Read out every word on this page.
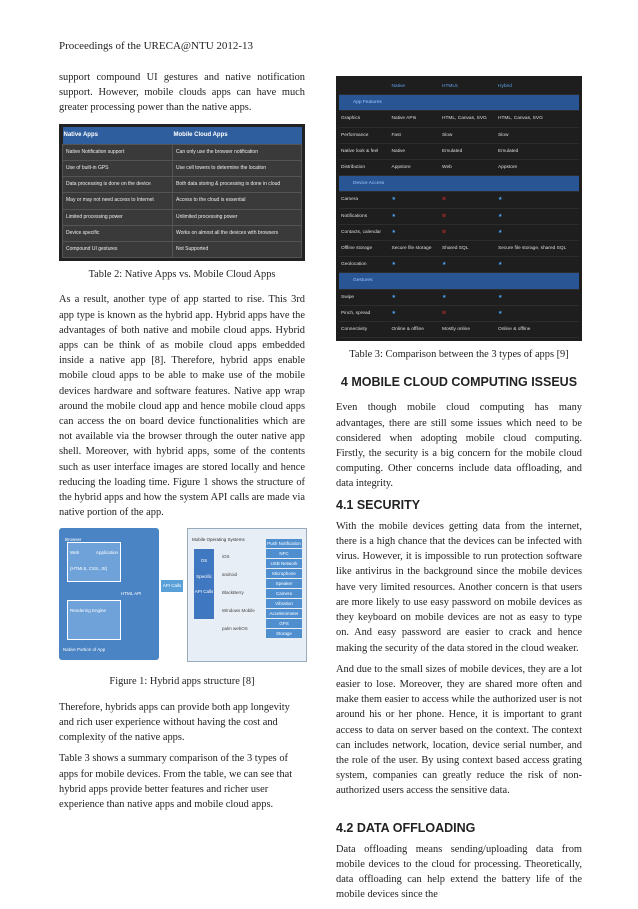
Proceedings of the URECA@NTU 2012-13

support compound UI gestures and native notification support. However, mobile clouds apps can have much greater processing power than the native apps.

Native Apps	Mobile Cloud Apps
Native Notification support	Can only use the browser notification
Use of built-in GPS	Use cell towers to determine the location
Data processing is done on the device	Both data storing & processing is done in cloud
May or may not need access to Internet	Access to the cloud is essential
Limited processing power	Unlimited processing power
Device specific	Works on almost all the devices with browsers
Compound UI gestures	Not Supported
Table 2: Native Apps vs. Mobile Cloud Apps

As a result, another type of app started to rise. This 3rd app type is known as the hybrid app. Hybrid apps have the advantages of both native and mobile cloud apps. Hybrid apps can be think of as mobile cloud apps embedded inside a native app [8]. Therefore, hybrid apps enable mobile cloud apps to be able to make use of the mobile devices hardware and software features. Native app wrap around the mobile cloud app and hence mobile cloud apps can access the on board device functionalities which are not available via the browser through the outer native app shell. Moreover, with hybrid apps, some of the contents such as user interface images are stored locally and hence reducing the loading time. Figure 1 shows the structure of the hybrid apps and how the system API calls are made via native portion of the app.

Browser
Web Application (HTML5, CSS, JS)
HTML API
Rendering Engine
Native Portion of App
API Calls
Mobile Operating Systems
OS Specific API Calls
iOS
android
BlackBerry
Windows Mobile
palm webOS
Push Notification
NFC
USB Network
Microphone
Speaker
Camera
Vibration
Accelerometer
GPS
Storage
Figure 1: Hybrid apps structure [8]

Therefore, hybrids apps can provide both app longevity and rich user experience without having the cost and complexity of the native apps.

Table 3 shows a summary comparison of the 3 types of apps for mobile devices. From the table, we can see that hybrid apps provide better features and richer user experience than native apps and mobile cloud apps.

	Native	HTML5	Hybrid
App Features			
Graphics	Native APIs	HTML, Canvas, SVG	HTML, Canvas, SVG
Performance	Fast	Slow	Slow
Native look & feel	Native	Emulated	Emulated
Distribution	Appstore	Web	Appstore
Device Access			
Camera	★	⊘	★
Notifications	★	⊘	★
Contacts, calendar	★	⊘	★
Offline storage	Secure file storage	Shared SQL	Secure file storage, shared SQL
Geolocation	★	★	★
Gestures			
Swipe	★	★	★
Pinch, spread	★	⊘	★
Connectivity	Online & offline	Mostly online	Online & offline
Table 3: Comparison between the 3 types of apps [9]
4 MOBILE CLOUD COMPUTING ISSEUS

Even though mobile cloud computing has many advantages, there are still some issues which need to be considered when adopting mobile cloud computing. Firstly, the security is a big concern for the mobile cloud computing. Other concerns include data offloading, and data integrity.

4.1 SECURITY

With the mobile devices getting data from the internet, there is a high chance that the devices can be infected with virus. However, it is impossible to run protection software like antivirus in the background since the mobile devices have very limited resources. Another concern is that users are more likely to use easy password on mobile devices as they keyboard on mobile devices are not as easy to type on. And easy password are easier to crack and hence making the security of the data stored in the cloud weaker.

And due to the small sizes of mobile devices, they are a lot easier to lose. Moreover, they are shared more often and make them easier to access while the authorized user is not around his or her phone. Hence, it is important to grant access to data on server based on the context. The context can includes network, location, device serial number, and the role of the user. By using context based access grating system, companies can greatly reduce the risk of non-authorized users access the sensitive data.

4.2 DATA OFFLOADING

Data offloading means sending/uploading data from mobile devices to the cloud for processing. Theoretically, data offloading can help extend the battery life of the mobile devices since the
